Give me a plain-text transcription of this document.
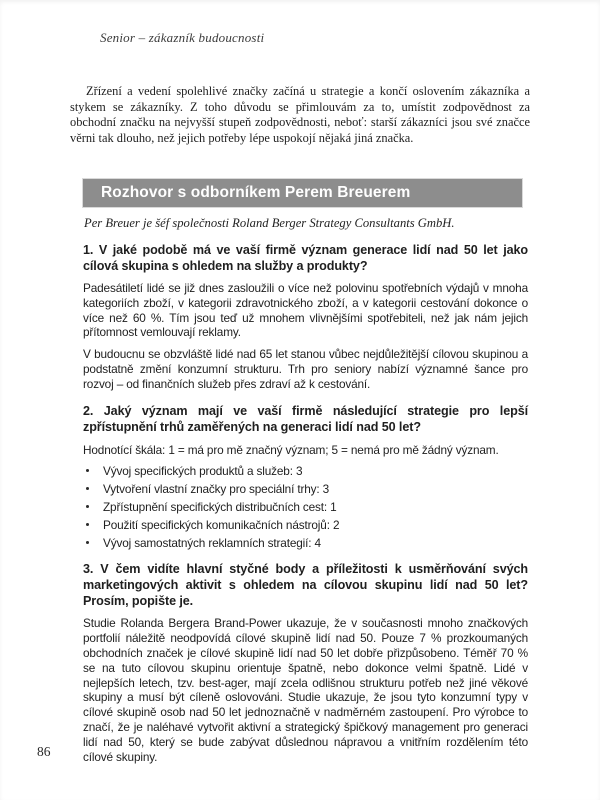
Senior – zákazník budoucnosti

Zřízení a vedení spolehlivé značky začíná u strategie a končí oslovením zákazníka a stykem se zákazníky. Z toho důvodu se přimlouvám za to, umístit zodpovědnost za obchodní značku na nejvyšší stupeň zodpovědnosti, neboť: starší zákazníci jsou své značce věrni tak dlouho, než jejich potřeby lépe uspokojí nějaká jiná značka.

Rozhovor s odborníkem Perem Breuerem

Per Breuer je šéf společnosti Roland Berger Strategy Consultants GmbH.

1. V jaké podobě má ve vaší firmě význam generace lidí nad 50 let jako cílová skupina s ohledem na služby a produkty?

Padesátiletí lidé se již dnes zasloužili o více než polovinu spotřebních výdajů v mnoha kategoriích zboží, v kategorii zdravotnického zboží, a v kategorii cestování dokonce o více než 60 %. Tím jsou teď už mnohem vlivnějšími spotřebiteli, než jak nám jejich přítomnost vemlouvají reklamy.

V budoucnu se obzvláště lidé nad 65 let stanou vůbec nejdůležitější cílovou skupinou a podstatně změní konzumní strukturu. Trh pro seniory nabízí významné šance pro rozvoj – od finančních služeb přes zdraví až k cestování.

2. Jaký význam mají ve vaší firmě následující strategie pro lepší zpřístupnění trhů zaměřených na generaci lidí nad 50 let?

Hodnotící škála: 1 = má pro mě značný význam; 5 = nemá pro mě žádný význam.

Vývoj specifických produktů a služeb: 3
Vytvoření vlastní značky pro speciální trhy: 3
Zpřístupnění specifických distribučních cest: 1
Použití specifických komunikačních nástrojů: 2
Vývoj samostatných reklamních strategií: 4

3. V čem vidíte hlavní styčné body a příležitosti k usměrňování svých marketingových aktivit s ohledem na cílovou skupinu lidí nad 50 let? Prosím, popište je.

Studie Rolanda Bergera Brand-Power ukazuje, že v současnosti mnoho značkových portfolií náležitě neodpovídá cílové skupině lidí nad 50. Pouze 7 % prozkoumaných obchodních značek je cílové skupině lidí nad 50 let dobře přizpůsobeno. Téměř 70 % se na tuto cílovou skupinu orientuje špatně, nebo dokonce velmi špatně. Lidé v nejlepších letech, tzv. best-ager, mají zcela odlišnou strukturu potřeb než jiné věkové skupiny a musí být cíleně oslovováni. Studie ukazuje, že jsou tyto konzumní typy v cílové skupině osob nad 50 let jednoznačně v nadměrném zastoupení. Pro výrobce to značí, že je naléhavé vytvořit aktivní a strategický špičkový management pro generaci lidí nad 50, který se bude zabývat důslednou nápravou a vnitřním rozdělením této cílové skupiny.

86
